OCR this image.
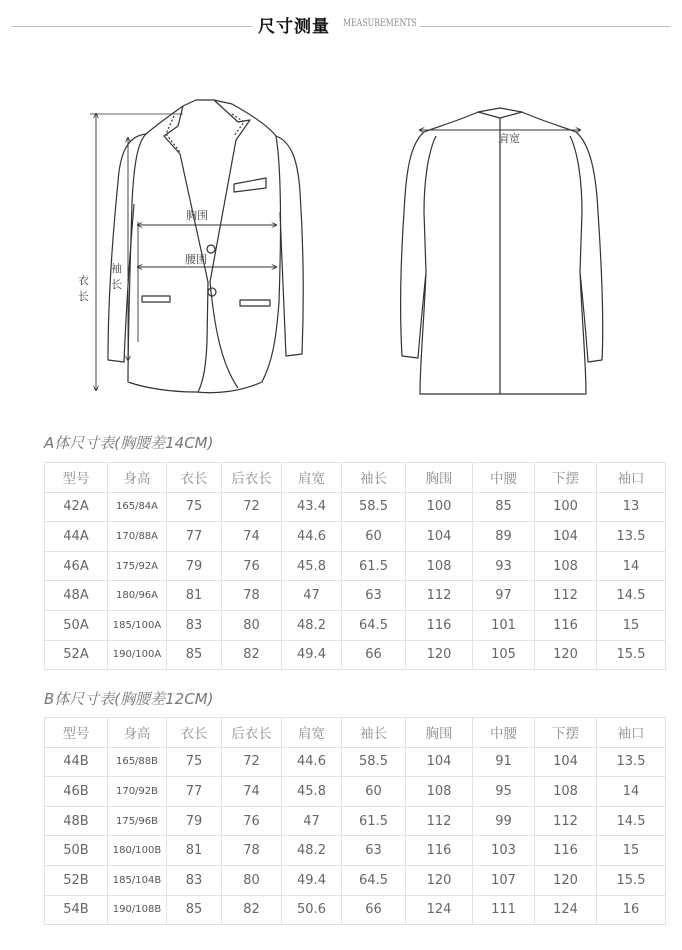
尺寸测量 MEASUREMENTS
胸围
腰围
袖
长
衣
长
肩宽
A体尺寸表(胸腰差14CM)
型号	身高	衣长	后衣长	肩宽	袖长	胸围	中腰	下摆	袖口
42A	165/84A	75	72	43.4	58.5	100	85	100	13
44A	170/88A	77	74	44.6	60	104	89	104	13.5
46A	175/92A	79	76	45.8	61.5	108	93	108	14
48A	180/96A	81	78	47	63	112	97	112	14.5
50A	185/100A	83	80	48.2	64.5	116	101	116	15
52A	190/100A	85	82	49.4	66	120	105	120	15.5
B体尺寸表(胸腰差12CM)
型号	身高	衣长	后衣长	肩宽	袖长	胸围	中腰	下摆	袖口
44B	165/88B	75	72	44.6	58.5	104	91	104	13.5
46B	170/92B	77	74	45.8	60	108	95	108	14
48B	175/96B	79	76	47	61.5	112	99	112	14.5
50B	180/100B	81	78	48.2	63	116	103	116	15
52B	185/104B	83	80	49.4	64.5	120	107	120	15.5
54B	190/108B	85	82	50.6	66	124	111	124	16
